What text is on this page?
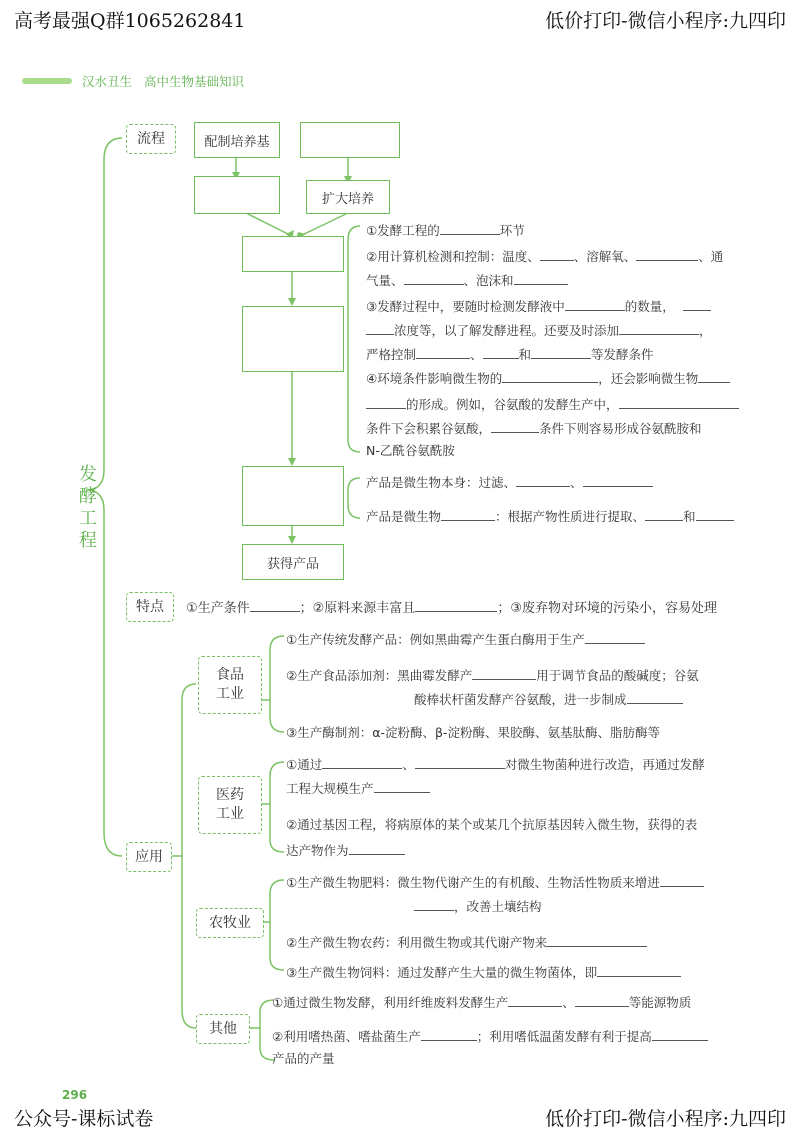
高考最强Q群1065262841	低价打印-微信小程序:九四印
公众号-课标试卷	低价打印-微信小程序:九四印
296
汉水丑生 高中生物基础知识
发
酵
工
程
流程	配制培养基
扩大培养
获得产品
①发酵工程的	环节
②用计算机检测和控制：温度、	、溶解氧、	、通
气量、	、泡沫和
③发酵过程中，要随时检测发酵液中	的数量，
浓度等，以了解发酵进程。还要及时添加	，
严格控制	、	和	等发酵条件
④环境条件影响微生物的	，还会影响微生物
的形成。例如，谷氨酸的发酵生产中，
条件下会积累谷氨酸，	条件下则容易形成谷氨酰胺和
N-乙酰谷氨酰胺
产品是微生物本身：过滤、	、
产品是微生物	：根据产物性质进行提取、	和
特点	①生产条件	；②原料来源丰富且	；③废弃物对环境的污染小，容易处理
应用
食品
工业
①生产传统发酵产品：例如黑曲霉产生蛋白酶用于生产
②生产食品添加剂：黑曲霉发酵产	用于调节食品的酸碱度；谷氨
酸棒状杆菌发酵产谷氨酸，进一步制成
③生产酶制剂：α-淀粉酶、β-淀粉酶、果胶酶、氨基肽酶、脂肪酶等
医药
工业
①通过	、	对微生物菌种进行改造，再通过发酵
工程大规模生产
②通过基因工程，将病原体的某个或某几个抗原基因转入微生物，获得的表
达产物作为
农牧业
①生产微生物肥料：微生物代谢产生的有机酸、生物活性物质来增进
，改善土壤结构
②生产微生物农药：利用微生物或其代谢产物来
③生产微生物饲料：通过发酵产生大量的微生物菌体，即
其他
①通过微生物发酵，利用纤维废料发酵生产	、	等能源物质
②利用嗜热菌、嗜盐菌生产	；利用嗜低温菌发酵有利于提高
产品的产量
